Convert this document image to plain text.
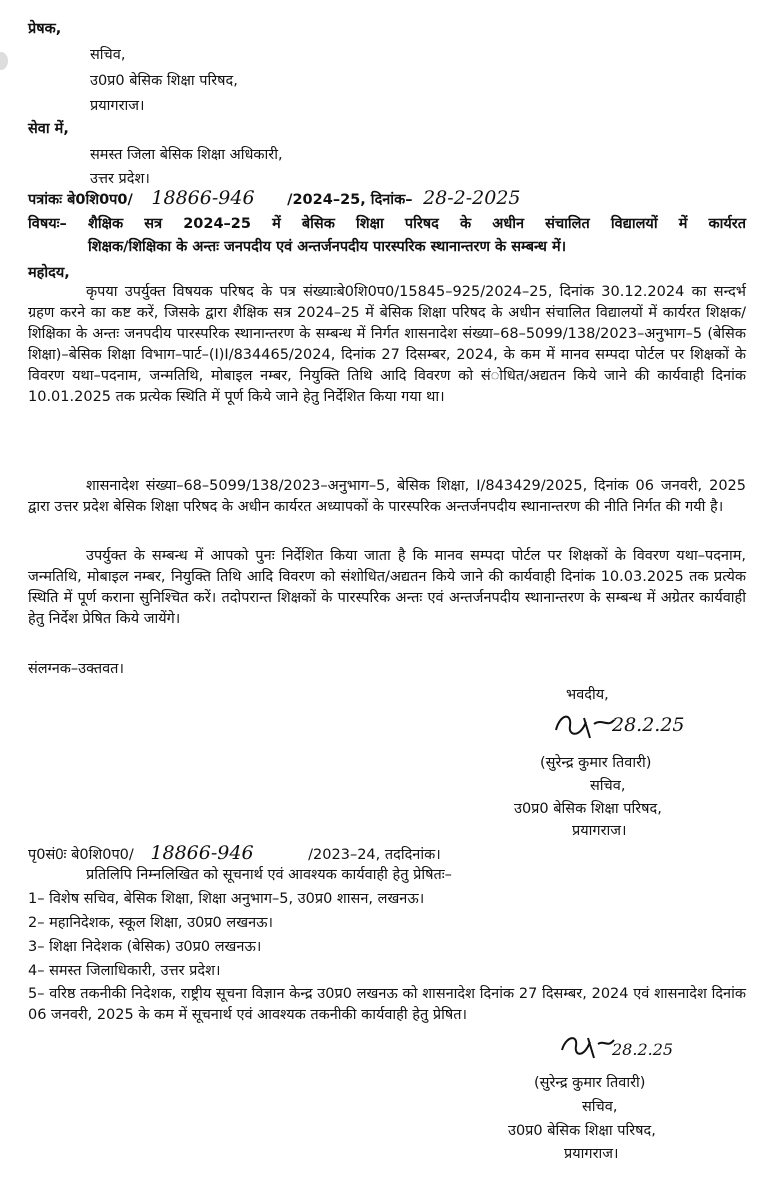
प्रेषक,
सचिव,
उ0प्र0 बेसिक शिक्षा परिषद,
प्रयागराज।
सेवा में,
समस्त जिला बेसिक शिक्षा अधिकारी,
उत्तर प्रदेश।
पत्रांकः बे0शि0प0/ 18866-946 /2024–25, दिनांक– 28-2-2025
विषयः– शैक्षिक सत्र 2024–25 में बेसिक शिक्षा परिषद के अधीन संचालित विद्यालयों में कार्यरत
शिक्षक/शिक्षिका के अन्तः जनपदीय एवं अन्तर्जनपदीय पारस्परिक स्थानान्तरण के सम्बन्ध में।
महोदय,
कृपया उपर्युक्त विषयक परिषद के पत्र संख्याःबे0शि0प0/15845–925/2024–25, दिनांक 30.12.2024 का सन्दर्भ ग्रहण करने का कष्ट करें, जिसके द्वारा शैक्षिक सत्र 2024–25 में बेसिक शिक्षा परिषद के अधीन संचालित विद्यालयों में कार्यरत शिक्षक/शिक्षिका के अन्तः जनपदीय पारस्परिक स्थानान्तरण के सम्बन्ध में निर्गत शासनादेश संख्या–68–5099/138/2023–अनुभाग–5 (बेसिक शिक्षा)–बेसिक शिक्षा विभाग–पार्ट–(I)I/834465/2024, दिनांक 27 दिसम्बर, 2024, के कम में मानव सम्पदा पोर्टल पर शिक्षकों के विवरण यथा–पदनाम, जन्मतिथि, मोबाइल नम्बर, नियुक्ति तिथि आदि विवरण को संोधित/अद्यतन किये जाने की कार्यवाही दिनांक 10.01.2025 तक प्रत्येक स्थिति में पूर्ण किये जाने हेतु निर्देशित किया गया था।
शासनादेश संख्या–68–5099/138/2023–अनुभाग–5, बेसिक शिक्षा, I/843429/2025, दिनांक 06 जनवरी, 2025 द्वारा उत्तर प्रदेश बेसिक शिक्षा परिषद के अधीन कार्यरत अध्यापकों के पारस्परिक अन्तर्जनपदीय स्थानान्तरण की नीति निर्गत की गयी है।
उपर्युक्त के सम्बन्ध में आपको पुनः निर्देशित किया जाता है कि मानव सम्पदा पोर्टल पर शिक्षकों के विवरण यथा–पदनाम, जन्मतिथि, मोबाइल नम्बर, नियुक्ति तिथि आदि विवरण को संशोधित/अद्यतन किये जाने की कार्यवाही दिनांक 10.03.2025 तक प्रत्येक स्थिति में पूर्ण कराना सुनिश्चित करें। तदोपरान्त शिक्षकों के पारस्परिक अन्तः एवं अन्तर्जनपदीय स्थानान्तरण के सम्बन्ध में अग्रेतर कार्यवाही हेतु निर्देश प्रेषित किये जायेंगे।
संलग्नक–उक्तवत।
भवदीय,
28.2.25
(सुरेन्द्र कुमार तिवारी)
सचिव,
उ0प्र0 बेसिक शिक्षा परिषद,
प्रयागराज।
पृ0सं0ः बे0शि0प0/ 18866-946	/2023–24, तददिनांक।
प्रतिलिपि निम्नलिखित को सूचनार्थ एवं आवश्यक कार्यवाही हेतु प्रेषितः–
1– विशेष सचिव, बेसिक शिक्षा, शिक्षा अनुभाग–5, उ0प्र0 शासन, लखनऊ।
2– महानिदेशक, स्कूल शिक्षा, उ0प्र0 लखनऊ।
3– शिक्षा निदेशक (बेसिक) उ0प्र0 लखनऊ।
4– समस्त जिलाधिकारी, उत्तर प्रदेश।
5– वरिष्ठ तकनीकी निदेशक, राष्ट्रीय सूचना विज्ञान केन्द्र उ0प्र0 लखनऊ को शासनादेश दिनांक 27 दिसम्बर, 2024 एवं शासनादेश दिनांक 06 जनवरी, 2025 के कम में सूचनार्थ एवं आवश्यक तकनीकी कार्यवाही हेतु प्रेषित।
28.2.25
(सुरेन्द्र कुमार तिवारी)
सचिव,
उ0प्र0 बेसिक शिक्षा परिषद,
प्रयागराज।
